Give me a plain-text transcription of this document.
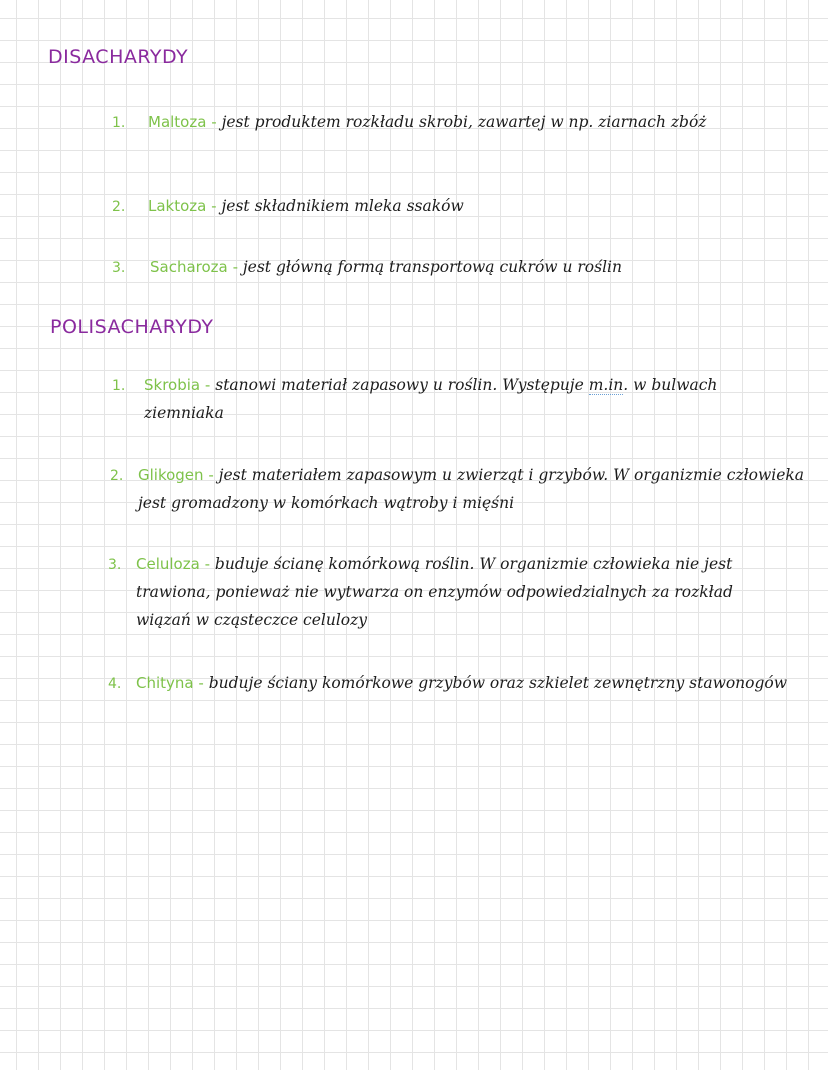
DISACHARYDY
1.	Maltoza - jest produktem rozkładu skrobi, zawartej w np. ziarnach zbóż
2.	Laktoza - jest składnikiem mleka ssaków
3.	Sacharoza - jest główną formą transportową cukrów u roślin
POLISACHARYDY
1.	Skrobia - stanowi materiał zapasowy u roślin. Występuje m.in. w bulwach ziemniaka
2. Glikogen - jest materiałem zapasowym u zwierząt i grzybów. W organizmie człowieka jest gromadzony w komórkach wątroby i mięśni
3. Celuloza - buduje ścianę komórkową roślin. W organizmie człowieka nie jest trawiona, ponieważ nie wytwarza on enzymów odpowiedzialnych za rozkład wiązań w cząsteczce celulozy
4. Chityna - buduje ściany komórkowe grzybów oraz szkielet zewnętrzny stawonogów
